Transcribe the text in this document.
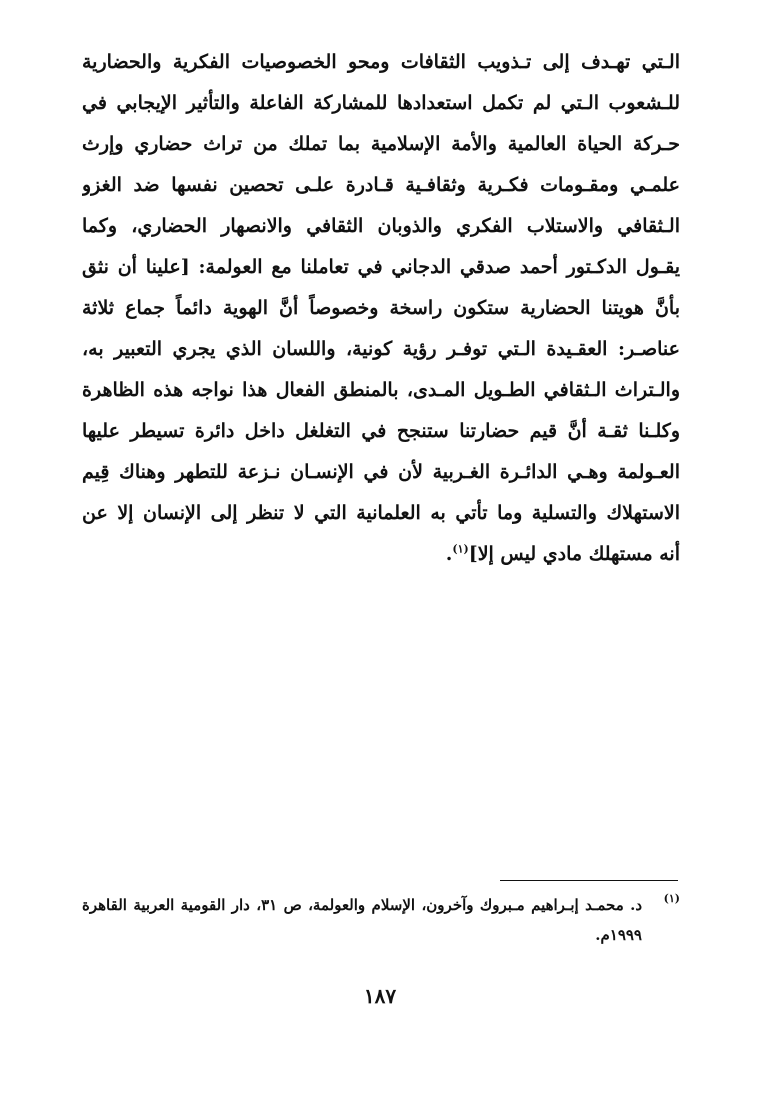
الـتي تهـدف إلى تـذويب الثقافات ومحو الخصوصيات الفكرية والحضارية
للـشعوب الـتي لم تكمل استعدادها للمشاركة الفاعلة والتأثير الإيجابي في
حـركة الحياة العالمية والأمة الإسلامية بما تملك من تراث حضاري وإرث
علمـي ومقـومات فكـرية وثقافـية قـادرة علـى تحصين نفسها ضد الغزو
الـثقافي والاستلاب الفكري والذوبان الثقافي والانصهار الحضاري، وكما
يقـول الدكـتور أحمد صدقي الدجاني في تعاملنا مع العولمة: [علينا أن نثق
بأنَّ هويتنا الحضارية ستكون راسخة وخصوصاً أنَّ الهوية دائماً جماع ثلاثة
عناصـر: العقـيدة الـتي توفـر رؤية كونية، واللسان الذي يجري التعبير به،
والـتراث الـثقافي الطـويل المـدى، بالمنطق الفعال هذا نواجه هذه الظاهرة
وكلـنا ثقـة أنَّ قيم حضارتنا ستنجح في التغلغل داخل دائرة تسيطر عليها
العـولمة وهـي الدائـرة الغـربية لأن في الإنسـان نـزعة للتطهر وهناك قِيم
الاستهلاك والتسلية وما تأتي به العلمانية التي لا تنظر إلى الإنسان إلا عن
أنه مستهلك مادي ليس إلا]$^{(١)}$.
(١)
د. محمـد إبـراهيم مـبروك وآخرون، الإسلام والعولمة، ص ٣١، دار القومية العربية القاهرة
١٩٩٩م.
١٨٧
